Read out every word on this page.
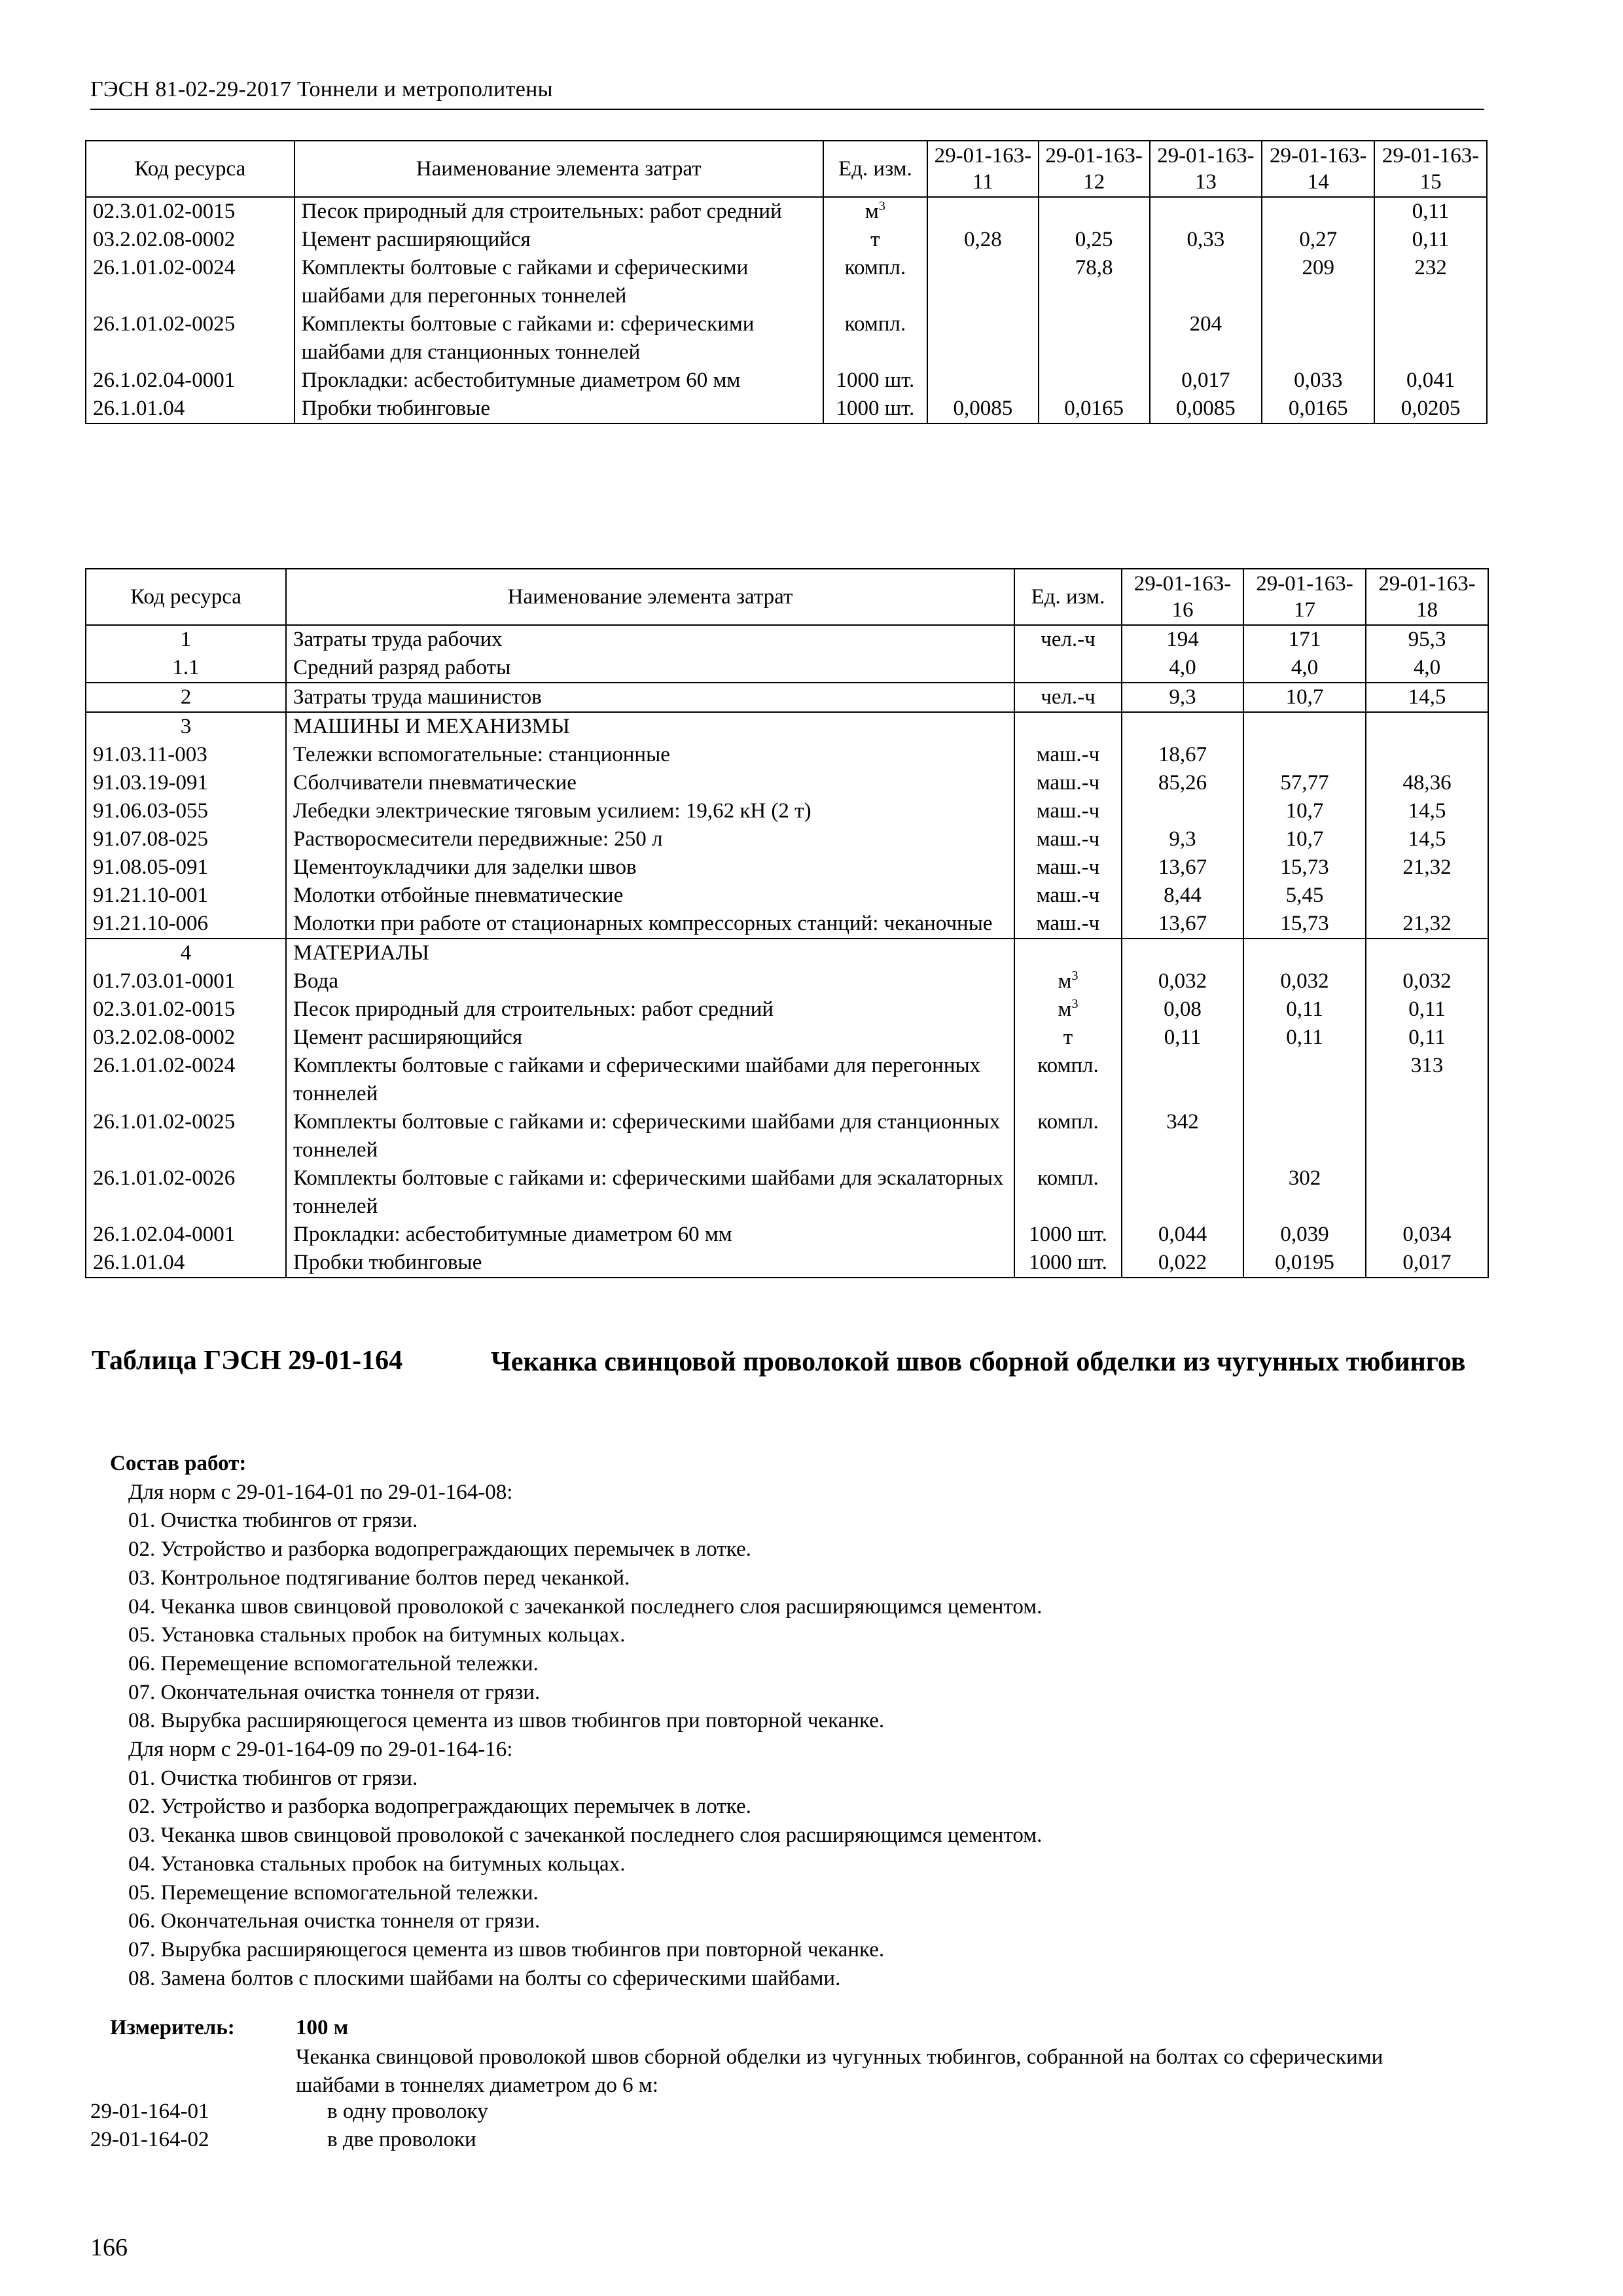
ГЭСН 81-02-29-2017 Тоннели и метрополитены
Код ресурса	Наименование элемента затрат	Ед. изм.	29-01-163-11	29-01-163-12	29-01-163-13	29-01-163-14	29-01-163-15
02.3.01.02-0015	Песок природный для строительных: работ средний	$м^3$					0,11
03.2.02.08-0002	Цемент расширяющийся	т	0,28	0,25	0,33	0,27	0,11
26.1.01.02-0024	Комплекты болтовые с гайками и сферическими шайбами для перегонных тоннелей	компл.		78,8		209	232
26.1.01.02-0025	Комплекты болтовые с гайками и: сферическими шайбами для станционных тоннелей	компл.			204		
26.1.02.04-0001	Прокладки: асбестобитумные диаметром 60 мм	1000 шт.			0,017	0,033	0,041
26.1.01.04	Пробки тюбинговые	1000 шт.	0,0085	0,0165	0,0085	0,0165	0,0205
Код ресурса	Наименование элемента затрат	Ед. изм.	29-01-163-16	29-01-163-17	29-01-163-18
1	Затраты труда рабочих	чел.-ч	194	171	95,3
1.1	Средний разряд работы		4,0	4,0	4,0
2	Затраты труда машинистов	чел.-ч	9,3	10,7	14,5
3	МАШИНЫ И МЕХАНИЗМЫ				
91.03.11-003	Тележки вспомогательные: станционные	маш.-ч	18,67		
91.03.19-091	Сболчиватели пневматические	маш.-ч	85,26	57,77	48,36
91.06.03-055	Лебедки электрические тяговым усилием: 19,62 кН (2 т)	маш.-ч		10,7	14,5
91.07.08-025	Растворосмесители передвижные: 250 л	маш.-ч	9,3	10,7	14,5
91.08.05-091	Цементоукладчики для заделки швов	маш.-ч	13,67	15,73	21,32
91.21.10-001	Молотки отбойные пневматические	маш.-ч	8,44	5,45	
91.21.10-006	Молотки при работе от стационарных компрессорных станций: чеканочные	маш.-ч	13,67	15,73	21,32
4	МАТЕРИАЛЫ				
01.7.03.01-0001	Вода	$м^3$	0,032	0,032	0,032
02.3.01.02-0015	Песок природный для строительных: работ средний	$м^3$	0,08	0,11	0,11
03.2.02.08-0002	Цемент расширяющийся	т	0,11	0,11	0,11
26.1.01.02-0024	Комплекты болтовые с гайками и сферическими шайбами для перегонных тоннелей	компл.			313
26.1.01.02-0025	Комплекты болтовые с гайками и: сферическими шайбами для станционных тоннелей	компл.	342		
26.1.01.02-0026	Комплекты болтовые с гайками и: сферическими шайбами для эскалаторных тоннелей	компл.		302	
26.1.02.04-0001	Прокладки: асбестобитумные диаметром 60 мм	1000 шт.	0,044	0,039	0,034
26.1.01.04	Пробки тюбинговые	1000 шт.	0,022	0,0195	0,017
Таблица ГЭСН 29-01-164	Чеканка свинцовой проволокой швов сборной обделки из чугунных тюбингов
Состав работ:
Для норм с 29-01-164-01 по 29-01-164-08:
01. Очистка тюбингов от грязи.
02. Устройство и разборка водопреграждающих перемычек в лотке.
03. Контрольное подтягивание болтов перед чеканкой.
04. Чеканка швов свинцовой проволокой с зачеканкой последнего слоя расширяющимся цементом.
05. Установка стальных пробок на битумных кольцах.
06. Перемещение вспомогательной тележки.
07. Окончательная очистка тоннеля от грязи.
08. Вырубка расширяющегося цемента из швов тюбингов при повторной чеканке.
Для норм с 29-01-164-09 по 29-01-164-16:
01. Очистка тюбингов от грязи.
02. Устройство и разборка водопреграждающих перемычек в лотке.
03. Чеканка швов свинцовой проволокой с зачеканкой последнего слоя расширяющимся цементом.
04. Установка стальных пробок на битумных кольцах.
05. Перемещение вспомогательной тележки.
06. Окончательная очистка тоннеля от грязи.
07. Вырубка расширяющегося цемента из швов тюбингов при повторной чеканке.
08. Замена болтов с плоскими шайбами на болты со сферическими шайбами.
Измеритель:	100 м
Чеканка свинцовой проволокой швов сборной обделки из чугунных тюбингов, собранной на болтах со сферическими шайбами в тоннелях диаметром до 6 м:
29-01-164-01	в одну проволоку
29-01-164-02	в две проволоки
166
